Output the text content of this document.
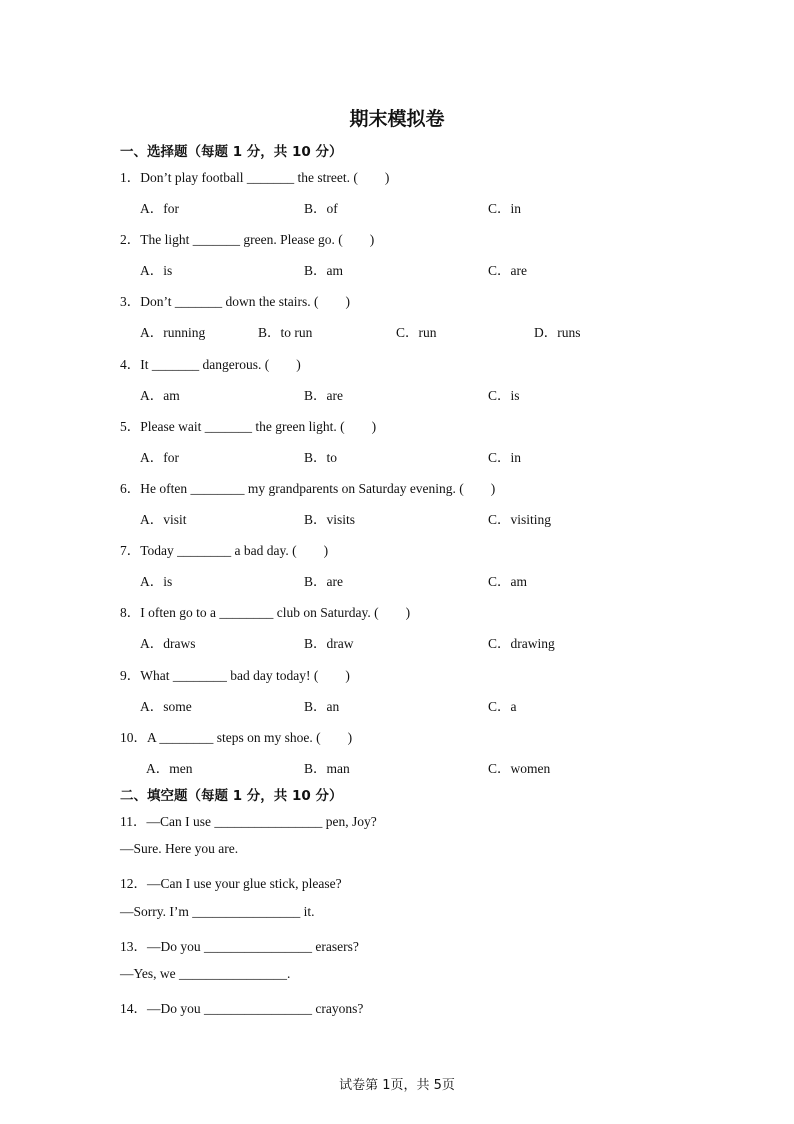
期末模拟卷
一、选择题（每题 1 分，共 10 分）
1．Don’t play football _______ the street. (　　)
A．for	B．of	C．in
2．The light _______ green. Please go. (　　)
A．is	B．am	C．are
3．Don’t _______ down the stairs. (　　)
A．running	B．to run	C．run	D．runs
4．It _______ dangerous. (　　)
A．am	B．are	C．is
5．Please wait _______ the green light. (　　)
A．for	B．to	C．in
6．He often ________ my grandparents on Saturday evening. (　　)
A．visit	B．visits	C．visiting
7．Today ________ a bad day. (　　)
A．is	B．are	C．am
8．I often go to a ________ club on Saturday. (　　)
A．draws	B．draw	C．drawing
9．What ________ bad day today! (　　)
A．some	B．an	C．a
10．A ________ steps on my shoe. (　　)
A．men	B．man	C．women
二、填空题（每题 1 分，共 10 分）
11．—Can I use ________________ pen, Joy?
—Sure. Here you are.
12．—Can I use your glue stick, please?
—Sorry. I’m ________________ it.
13．—Do you ________________ erasers?
—Yes, we ________________.
14．—Do you ________________ crayons?
试卷第 1页，共 5页
